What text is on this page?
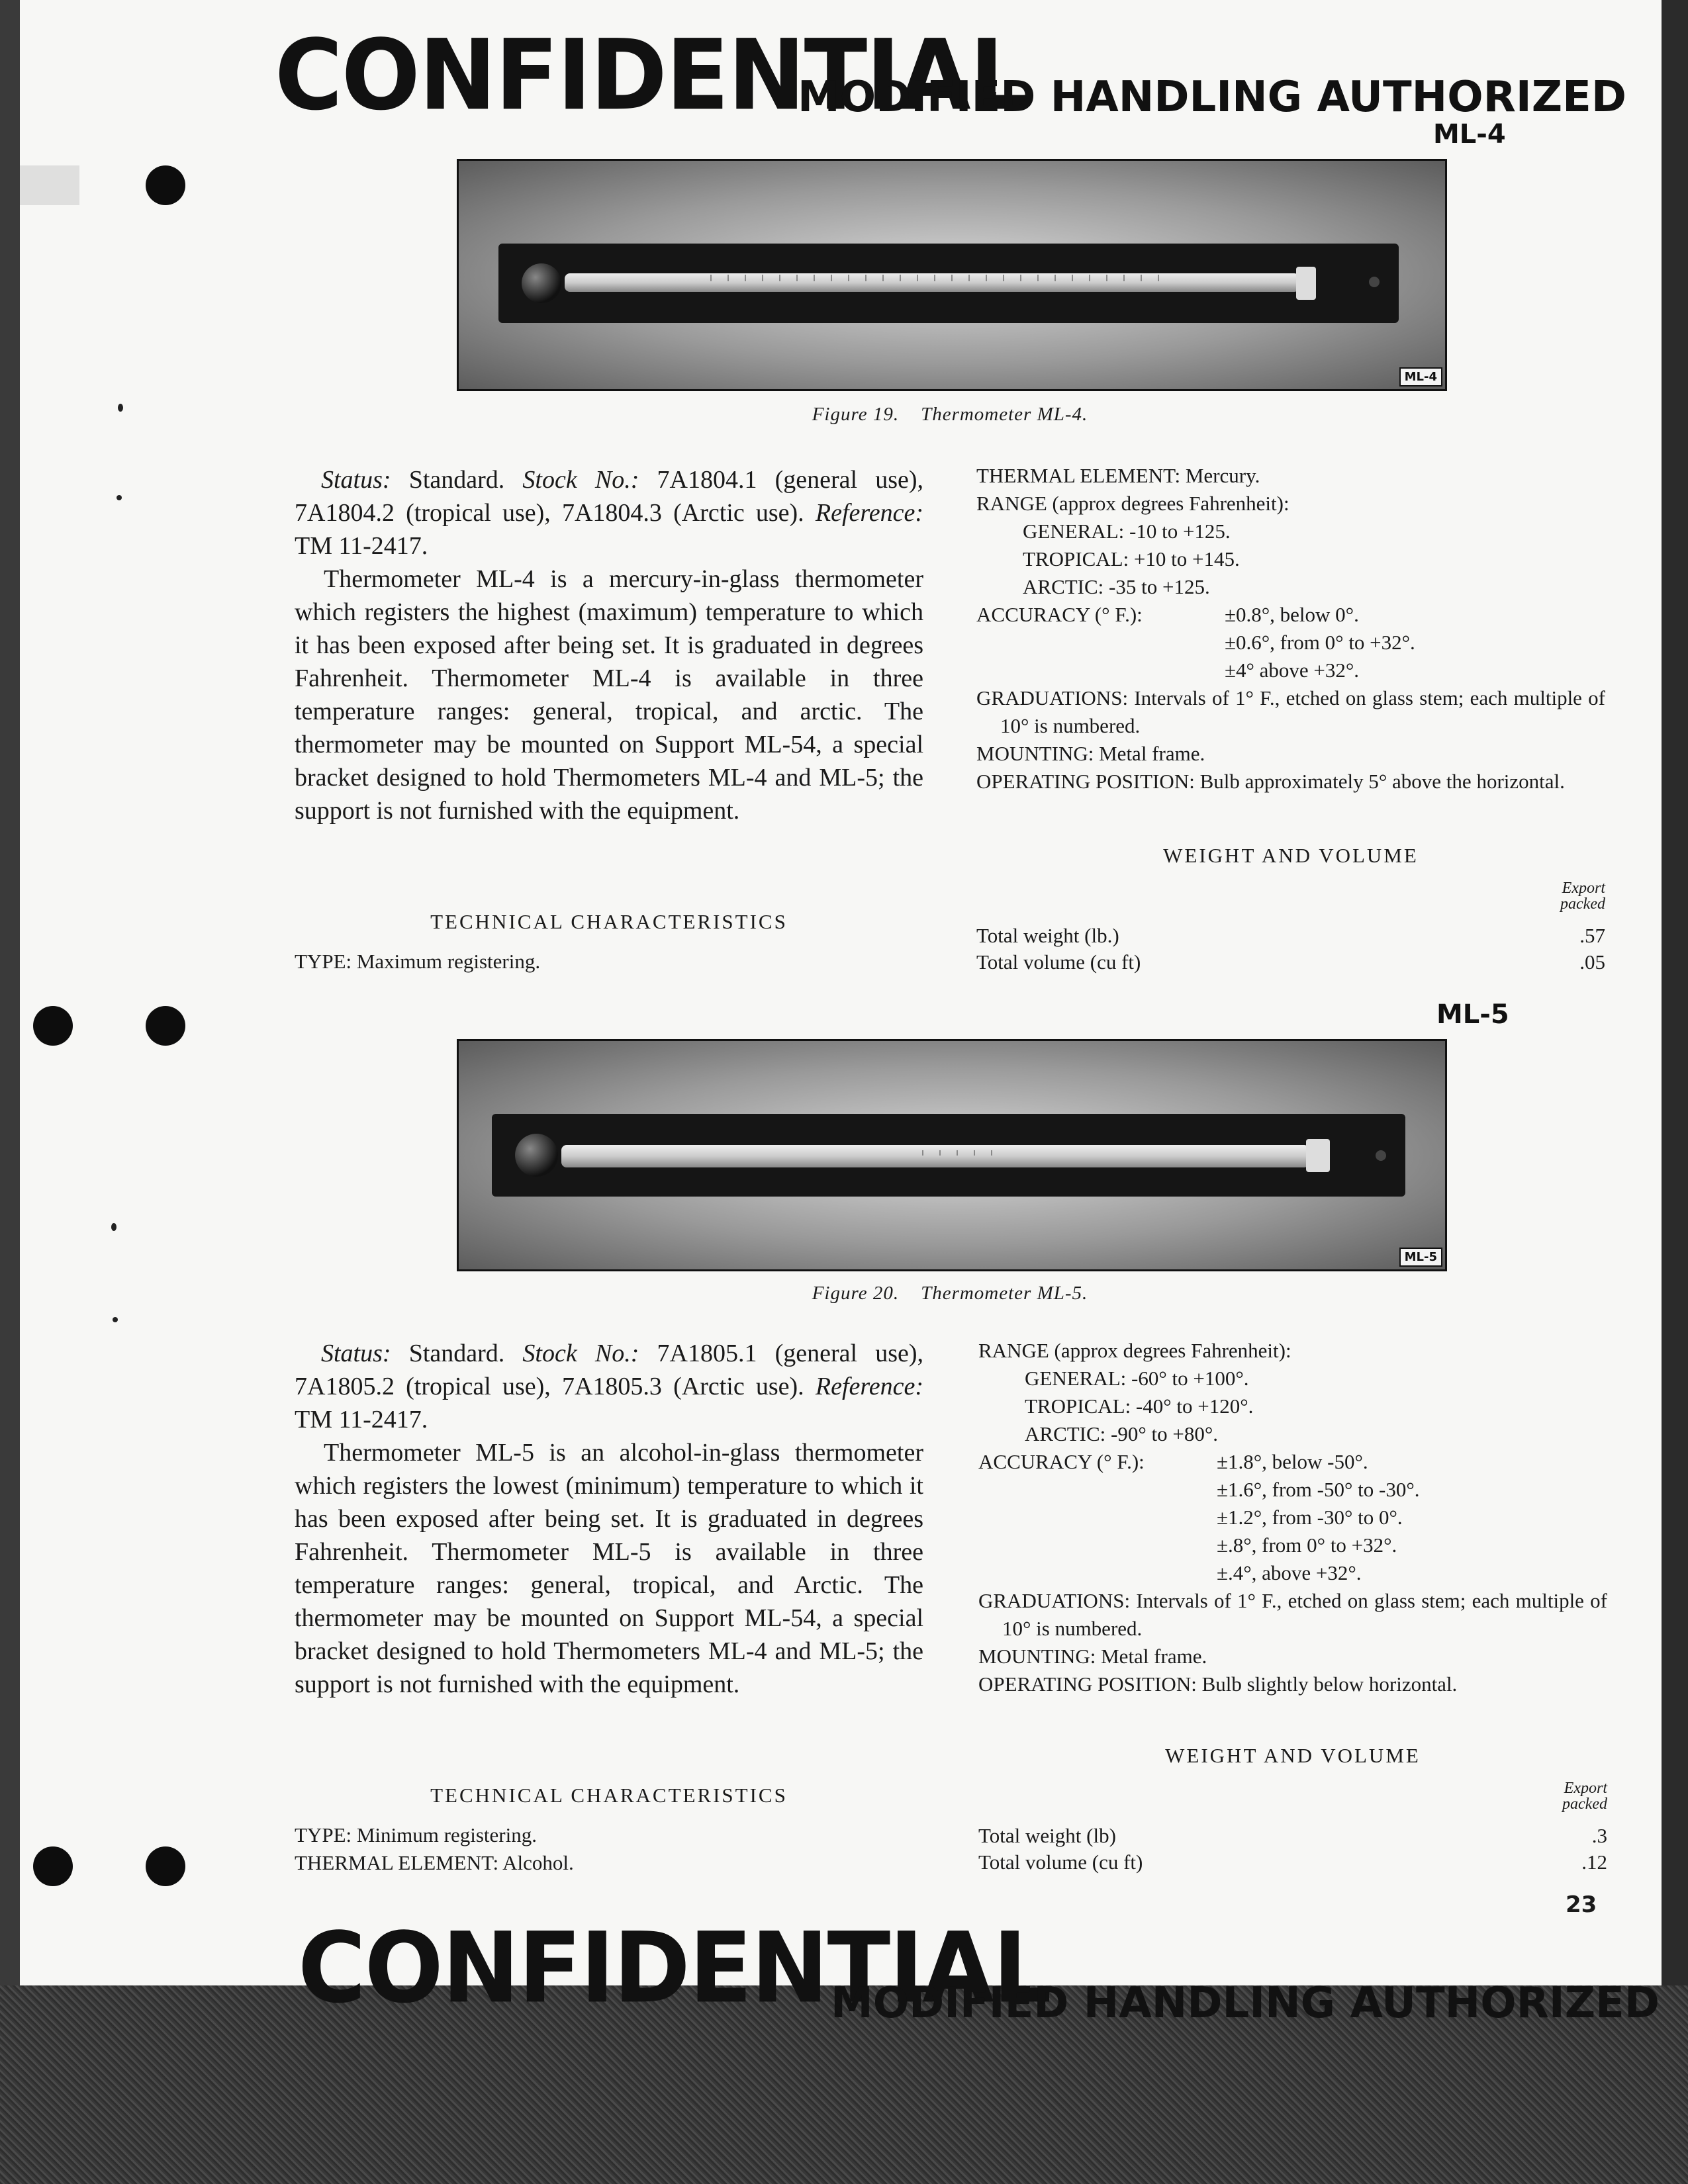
CONFIDENTIAL
MODIFIED HANDLING AUTHORIZED
ML-4
ML-4
Figure 19. Thermometer ML-4.

Status: Standard. Stock No.: 7A1804.1 (general use), 7A1804.2 (tropical use), 7A1804.3 (Arctic use). Reference: TM 11-2417.

Thermometer ML-4 is a mercury-in-glass thermometer which registers the highest (maximum) temperature to which it has been exposed after being set. It is graduated in degrees Fahrenheit. Thermometer ML-4 is available in three temperature ranges: general, tropical, and arctic. The thermometer may be mounted on Support ML-54, a special bracket designed to hold Thermometers ML-4 and ML-5; the support is not furnished with the equipment.

TECHNICAL CHARACTERISTICS
TYPE: Maximum registering.
THERMAL ELEMENT: Mercury.
RANGE (approx degrees Fahrenheit):
GENERAL: -10 to +125.
TROPICAL: +10 to +145.
ARCTIC: -35 to +125.
ACCURACY (° F.):	±0.8°, below 0°.
±0.6°, from 0° to +32°.
±4° above +32°.
GRADUATIONS: Intervals of 1° F., etched on glass stem; each multiple of 10° is numbered.
MOUNTING: Metal frame.
OPERATING POSITION: Bulb approximately 5° above the horizontal.
WEIGHT AND VOLUME
Export
packed
Total weight (lb.)	.57
Total volume (cu ft)	.05
ML-5
ML-5
Figure 20. Thermometer ML-5.

Status: Standard. Stock No.: 7A1805.1 (general use), 7A1805.2 (tropical use), 7A1805.3 (Arctic use). Reference: TM 11-2417.

Thermometer ML-5 is an alcohol-in-glass thermometer which registers the lowest (minimum) temperature to which it has been exposed after being set. It is graduated in degrees Fahrenheit. Thermometer ML-5 is available in three temperature ranges: general, tropical, and Arctic. The thermometer may be mounted on Support ML-54, a special bracket designed to hold Thermometers ML-4 and ML-5; the support is not furnished with the equipment.

TECHNICAL CHARACTERISTICS
TYPE: Minimum registering.
THERMAL ELEMENT: Alcohol.
RANGE (approx degrees Fahrenheit):
GENERAL: -60° to +100°.
TROPICAL: -40° to +120°.
ARCTIC: -90° to +80°.
ACCURACY (° F.):	±1.8°, below -50°.
±1.6°, from -50° to -30°.
±1.2°, from -30° to 0°.
±.8°, from 0° to +32°.
±.4°, above +32°.
GRADUATIONS: Intervals of 1° F., etched on glass stem; each multiple of 10° is numbered.
MOUNTING: Metal frame.
OPERATING POSITION: Bulb slightly below horizontal.
WEIGHT AND VOLUME
Export
packed
Total weight (lb)	.3
Total volume (cu ft)	.12
23
CONFIDENTIAL
MODIFIED HANDLING AUTHORIZED
